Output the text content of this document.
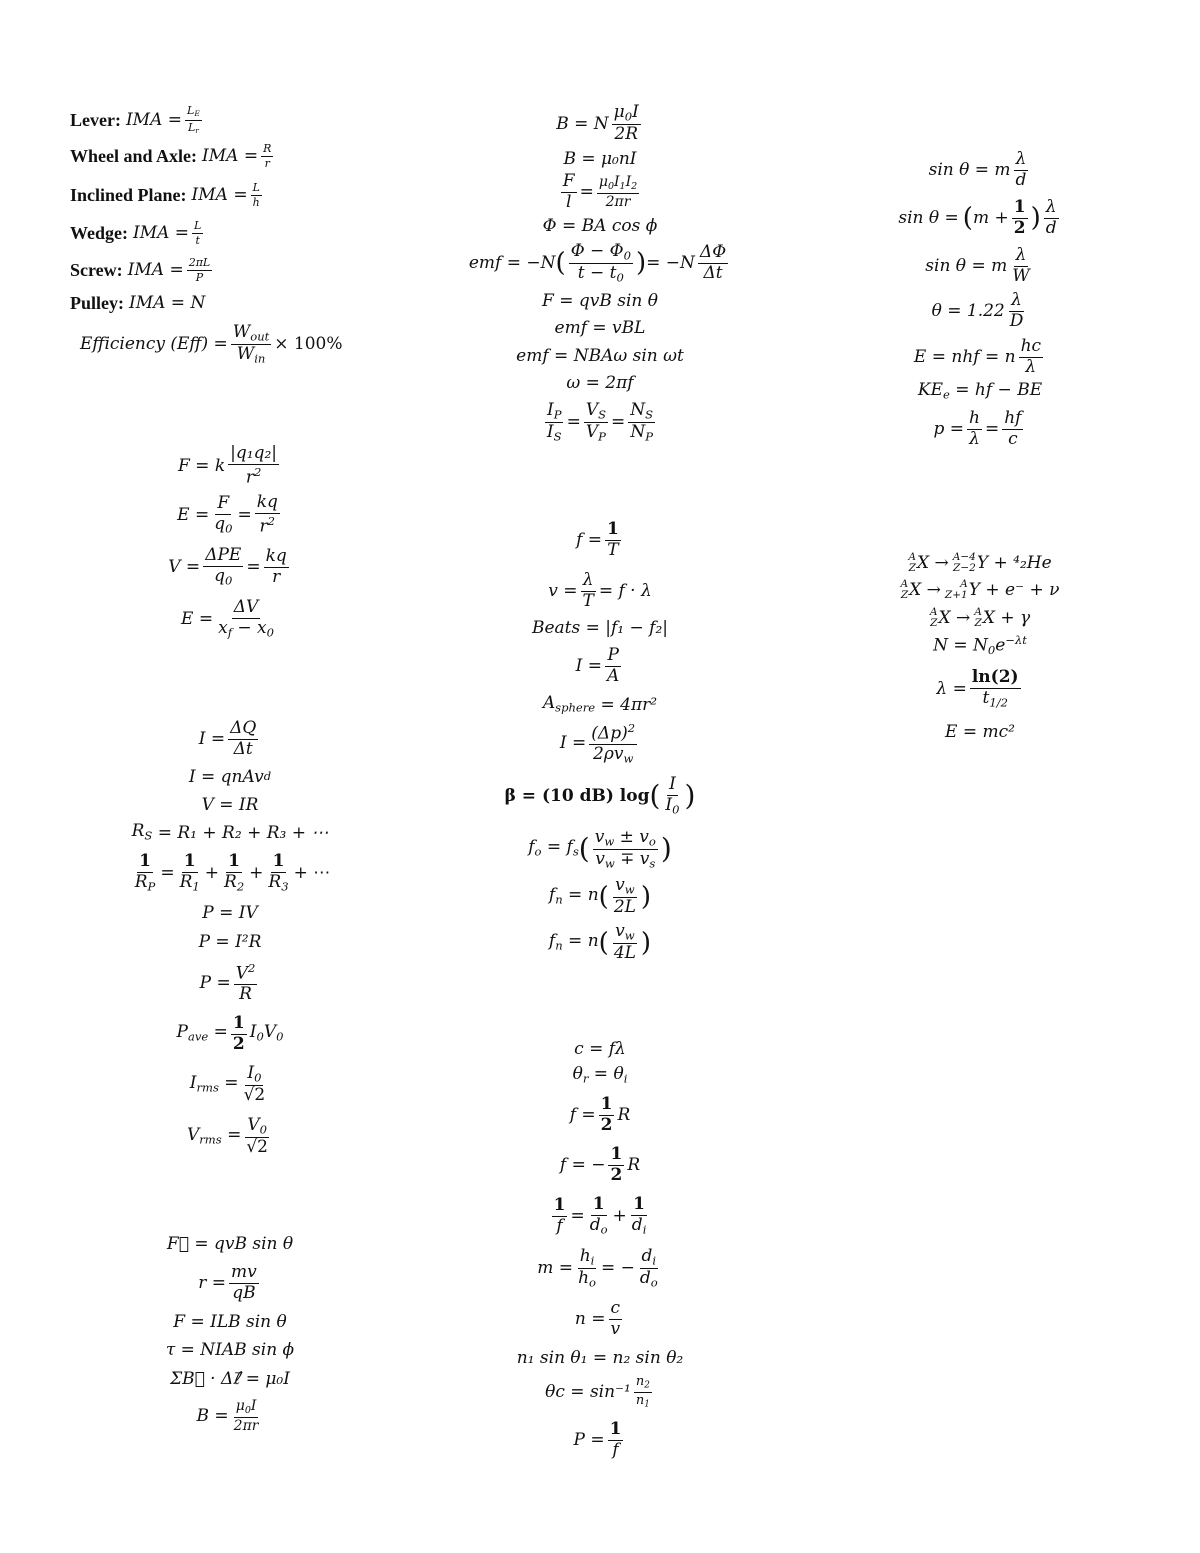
Lever: IMA = $\frac{L_E}{L_r}$
Wheel and Axle: IMA = $\frac{R}{r}$
Inclined Plane: IMA = $\frac{L}{h}$
Wedge: IMA = $\frac{L}{t}$
Screw: IMA = $\frac{2\pi L}{P}$
Pulley: IMA = N
Efficiency $(Eff) = \frac{W_{out}}{W_{in}} \times 100\%$
F = k $\frac{\text{|q₁q₂|}}{r^2}$
$E = \frac{F}{q_0} = \frac{kq}{r^2}$
$V = \frac{\text{ΔPE}}{q_0} = \frac{kq}{r}$
$E = \frac{\Delta V}{x_f - x_0}$
$I = \frac{\Delta Q}{\Delta t}$
I = qnAv d
V = IR
$R_S = R_1 + R_2 + R_3$ + ⋯
$\frac{1}{R_P} = \frac{1}{R_1} + \frac{1}{R_2} + \frac{1}{R_3}$ + ⋯
P = IV
P = I²R
$P = \frac{V^2}{R}$
$P_{ave} = \frac{1}{2} I_0V_0$
$I_{rms} = \frac{I_0}{√2}$
$V_{rms} = \frac{V_0}{√2}$
F⃗ = qvB sin θ
$r = \frac{mv}{qB}$
F = ILB sin θ
τ = NIAB sin ϕ
ΣB⃗ · Δℓ⃗ = μ₀I
$B = \frac{\mu_0I}{2\pi r}$
B = N $\frac{\mu_0I}{2R}$
B = μ₀nI
$\frac{F}{l} = \frac{\mu_0I_1I_2}{2\pi r}$
Φ = BA cos ϕ
emf = −N ( $\frac{\Phi - \Phi_0}{t - t_0}$ ) = $-N \frac{\Delta\Phi}{\Delta t}$
F = qvB sin θ
emf = vBL
emf = NBAω sin ωt
ω = 2πf
$\frac{I_P}{I_S} = \frac{V_S}{V_P} = \frac{N_S}{N_P}$
$f = \frac{1}{T}$
$v = \frac{\lambda}{T} = f \cdot \lambda$
Beats = |f₁ − f₂|
$I = \frac{P}{A}$
$A_{sphere} = 4\pi r^2$
$I = \frac{(\Delta p)^2}{2\rho v_w}$
β = (10 dB) log ( $\frac{I}{I_0}$ )
$f_o = f_s$ ( $\frac{v_w \pm v_o}{v_w \mp v_s}$ )
$f_n = n$ ( $\frac{v_w}{2L}$ )
$f_n = n$ ( $\frac{v_w}{4L}$ )
c = fλ
$\theta_r = \theta_i$
$f = \frac{1}{2}$ R
f = − $\frac{1}{2}$ R
$\frac{1}{f} = \frac{1}{d_o} + \frac{1}{d_i}$
$m = \frac{h_i}{h_o}$ = − $\frac{d_i}{d_o}$
$n = \frac{c}{v}$
n₁ sin θ₁ = n₂ sin θ₂
$\theta c = \sin^{-1} \frac{n_2}{n_1}$
$P = \frac{1}{f}$
sin θ = m $\frac{\lambda}{d}$
sin θ = ( $m + \frac{1}{2}$ ) $\frac{\lambda}{d}$
sin θ = m $\frac{\lambda}{W}$
$\theta = 1.22 \frac{\lambda}{D}$
E = nhf = n $\frac{hc}{\lambda}$
$KE_e$ = hf − BE
$p = \frac{h}{\lambda} = \frac{hf}{c}$
A
Z X → A−4
Z−2 Y + ⁴₂He
A
Z X →	A
Z+1 Y + e⁻ + ν
A
Z X → A
Z X + γ
$N = N_0e^{-\lambda t}$
$\lambda = \frac{\ln(2)}{t_{1/2}}$
E = mc²
